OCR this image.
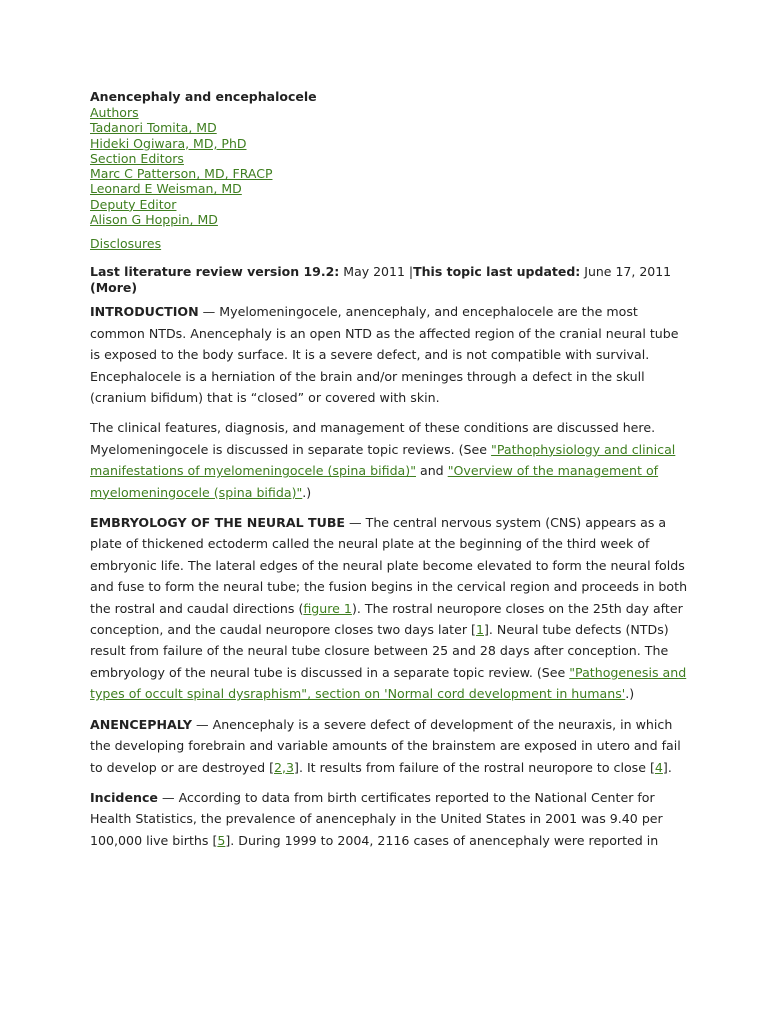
Anencephaly and encephalocele
Authors
Tadanori Tomita, MD
Hideki Ogiwara, MD, PhD
Section Editors
Marc C Patterson, MD, FRACP
Leonard E Weisman, MD
Deputy Editor
Alison G Hoppin, MD
Disclosures
Last literature review version 19.2: May 2011 |This topic last updated: June 17, 2011
(More)

INTRODUCTION — Myelomeningocele, anencephaly, and encephalocele are the most common NTDs. Anencephaly is an open NTD as the affected region of the cranial neural tube is exposed to the body surface. It is a severe defect, and is not compatible with survival. Encephalocele is a herniation of the brain and/or meninges through a defect in the skull (cranium bifidum) that is “closed” or covered with skin.

The clinical features, diagnosis, and management of these conditions are discussed here. Myelomeningocele is discussed in separate topic reviews. (See "Pathophysiology and clinical manifestations of myelomeningocele (spina bifida)" and "Overview of the management of myelomeningocele (spina bifida)".)

EMBRYOLOGY OF THE NEURAL TUBE — The central nervous system (CNS) appears as a plate of thickened ectoderm called the neural plate at the beginning of the third week of embryonic life. The lateral edges of the neural plate become elevated to form the neural folds and fuse to form the neural tube; the fusion begins in the cervical region and proceeds in both the rostral and caudal directions (figure 1). The rostral neuropore closes on the 25th day after conception, and the caudal neuropore closes two days later [1]. Neural tube defects (NTDs) result from failure of the neural tube closure between 25 and 28 days after conception. The embryology of the neural tube is discussed in a separate topic review. (See "Pathogenesis and types of occult spinal dysraphism", section on 'Normal cord development in humans'.)

ANENCEPHALY — Anencephaly is a severe defect of development of the neuraxis, in which the developing forebrain and variable amounts of the brainstem are exposed in utero and fail to develop or are destroyed [2,3]. It results from failure of the rostral neuropore to close [4].

Incidence — According to data from birth certificates reported to the National Center for Health Statistics, the prevalence of anencephaly in the United States in 2001 was 9.40 per 100,000 live births [5]. During 1999 to 2004, 2116 cases of anencephaly were reported in
